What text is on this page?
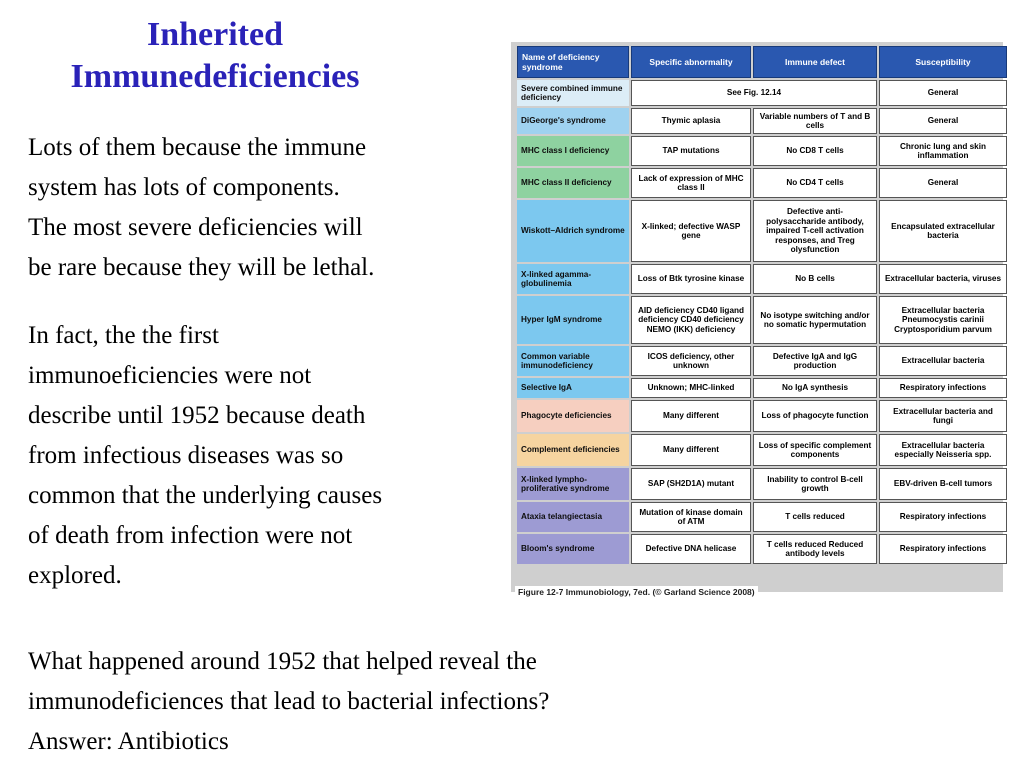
Inherited
Immunedeficiencies
Lots of them because the immune
system has lots of components.
The most severe deficiencies will
be rare because they will be lethal.
In fact, the the first
immunoeficiencies were not
describe until 1952 because death
from infectious diseases was so
common that the underlying causes
of death from infection were not
explored.
Name of deficiency syndrome	Specific abnormality	Immune defect	Susceptibility
Severe combined immune deficiency	See Fig. 12.14		General
DiGeorge's syndrome	Thymic aplasia	Variable numbers of T and B cells	General
MHC class I deficiency	TAP mutations	No CD8 T cells	Chronic lung and skin inflammation
MHC class II deficiency	Lack of expression of MHC class II	No CD4 T cells	General
Wiskott–Aldrich syndrome	X-linked; defective WASP gene	Defective anti-polysaccharide antibody, impaired T-cell activation responses, and Treg olysfunction	Encapsulated extracellular bacteria
X-linked agamma-globulinemia	Loss of Btk tyrosine kinase	No B cells	Extracellular bacteria, viruses
Hyper IgM syndrome	AID deficiency CD40 ligand deficiency CD40 deficiency NEMO (IKK) deficiency	No isotype switching and/or no somatic hypermutation	Extracellular bacteria Pneumocystis carinii Cryptosporidium parvum
Common variable immunodeficiency	ICOS deficiency, other unknown	Defective IgA and IgG production	Extracellular bacteria
Selective IgA	Unknown; MHC-linked	No IgA synthesis	Respiratory infections
Phagocyte deficiencies	Many different	Loss of phagocyte function	Extracellular bacteria and fungi
Complement deficiencies	Many different	Loss of specific complement components	Extracellular bacteria especially Neisseria spp.
X-linked lympho-proliferative syndrome	SAP (SH2D1A) mutant	Inability to control B-cell growth	EBV-driven B-cell tumors
Ataxia telangiectasia	Mutation of kinase domain of ATM	T cells reduced	Respiratory infections
Bloom's syndrome	Defective DNA helicase	T cells reduced Reduced antibody levels	Respiratory infections
Figure 12-7 Immunobiology, 7ed. (© Garland Science 2008)
What happened around 1952 that helped reveal the
immunodeficiences that lead to bacterial infections?
Answer: Antibiotics
